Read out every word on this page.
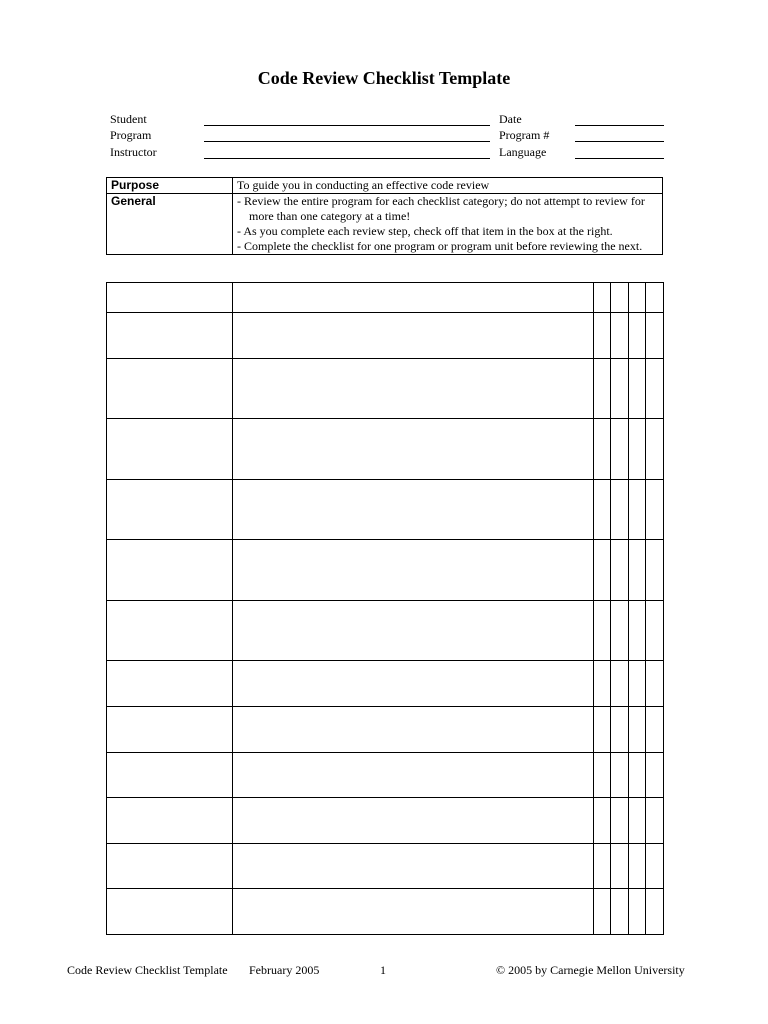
Code Review Checklist Template
Student
Program
Instructor
Date
Program #
Language
Purpose	To guide you in conducting an effective code review
General	- Review the entire program for each checklist category; do not attempt to review for more than one category at a time!
- As you complete each review step, check off that item in the box at the right.
- Complete the checklist for one program or program unit before reviewing the next.

Code Review Checklist Template February 2005	1	© 2005 by Carnegie Mellon University
